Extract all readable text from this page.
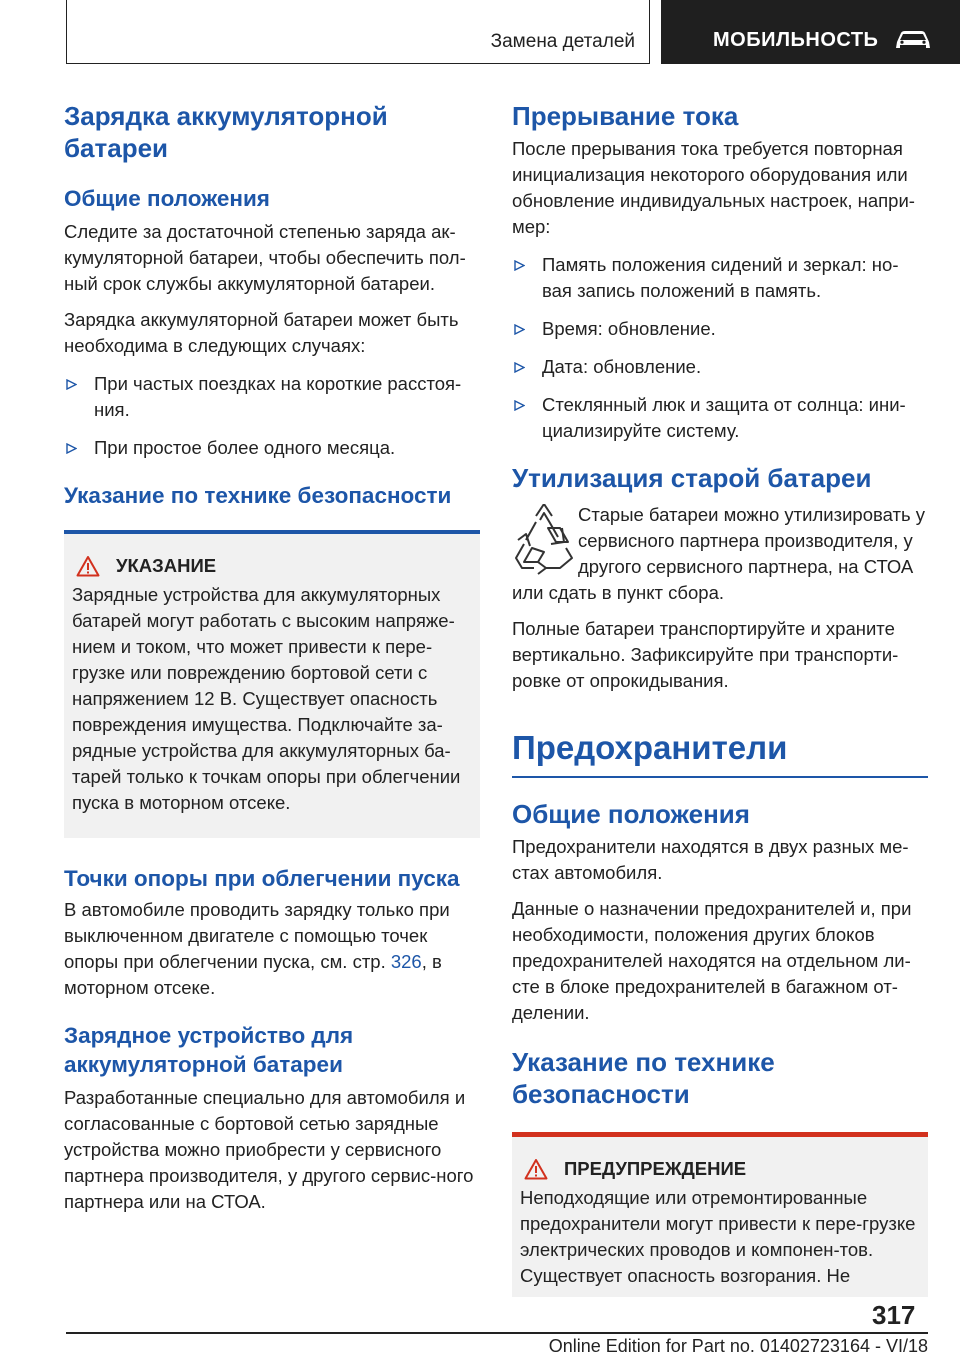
Замена деталей	МОБИЛЬНОСТЬ
Зарядка аккумуляторной батареи
Общие положения
Следите за достаточной степенью заряда ак-кумуляторной батареи, чтобы обеспечить пол-ный срок службы аккумуляторной батареи.
Зарядка аккумуляторной батареи может быть необходима в следующих случаях:
При частых поездках на короткие расстоя-ния.
При простое более одного месяца.
Указание по технике безопасности
УКАЗАНИЕ
Зарядные устройства для аккумуляторных батарей могут работать с высоким напряже-нием и током, что может привести к пере-грузке или повреждению бортовой сети с напряжением 12 В. Существует опасность повреждения имущества. Подключайте за-рядные устройства для аккумуляторных ба-тарей только к точкам опоры при облегчении пуска в моторном отсеке.
Точки опоры при облегчении пуска
В автомобиле проводить зарядку только при выключенном двигателе с помощью точек опоры при облегчении пуска, см. стр. 326, в моторном отсеке.
Зарядное устройство для аккумуляторной батареи
Разработанные специально для автомобиля и согласованные с бортовой сетью зарядные устройства можно приобрести у сервисного партнера производителя, у другого сервис-ного партнера или на СТОА.
Прерывание тока
После прерывания тока требуется повторная инициализация некоторого оборудования или обновление индивидуальных настроек, напри-мер:
Память положения сидений и зеркал: но-вая запись положений в память.
Время: обновление.
Дата: обновление.
Стеклянный люк и защита от солнца: ини-циализируйте систему.
Утилизация старой батареи
Старые батареи можно утилизировать у сервисного партнера производителя, у другого сервисного партнера, на СТОА или сдать в пункт сбора.
Полные батареи транспортируйте и храните вертикально. Зафиксируйте при транспорти-ровке от опрокидывания.
Предохранители
Общие положения
Предохранители находятся в двух разных ме-стах автомобиля.
Данные о назначении предохранителей и, при необходимости, положения других блоков предохранителей находятся на отдельном ли-сте в блоке предохранителей в багажном от-делении.
Указание по технике безопасности
ПРЕДУПРЕЖДЕНИЕ
Неподходящие или отремонтированные предохранители могут привести к пере-грузке электрических проводов и компонен-тов. Существует опасность возгорания. Не
317
Online Edition for Part no. 01402723164 - VI/18
